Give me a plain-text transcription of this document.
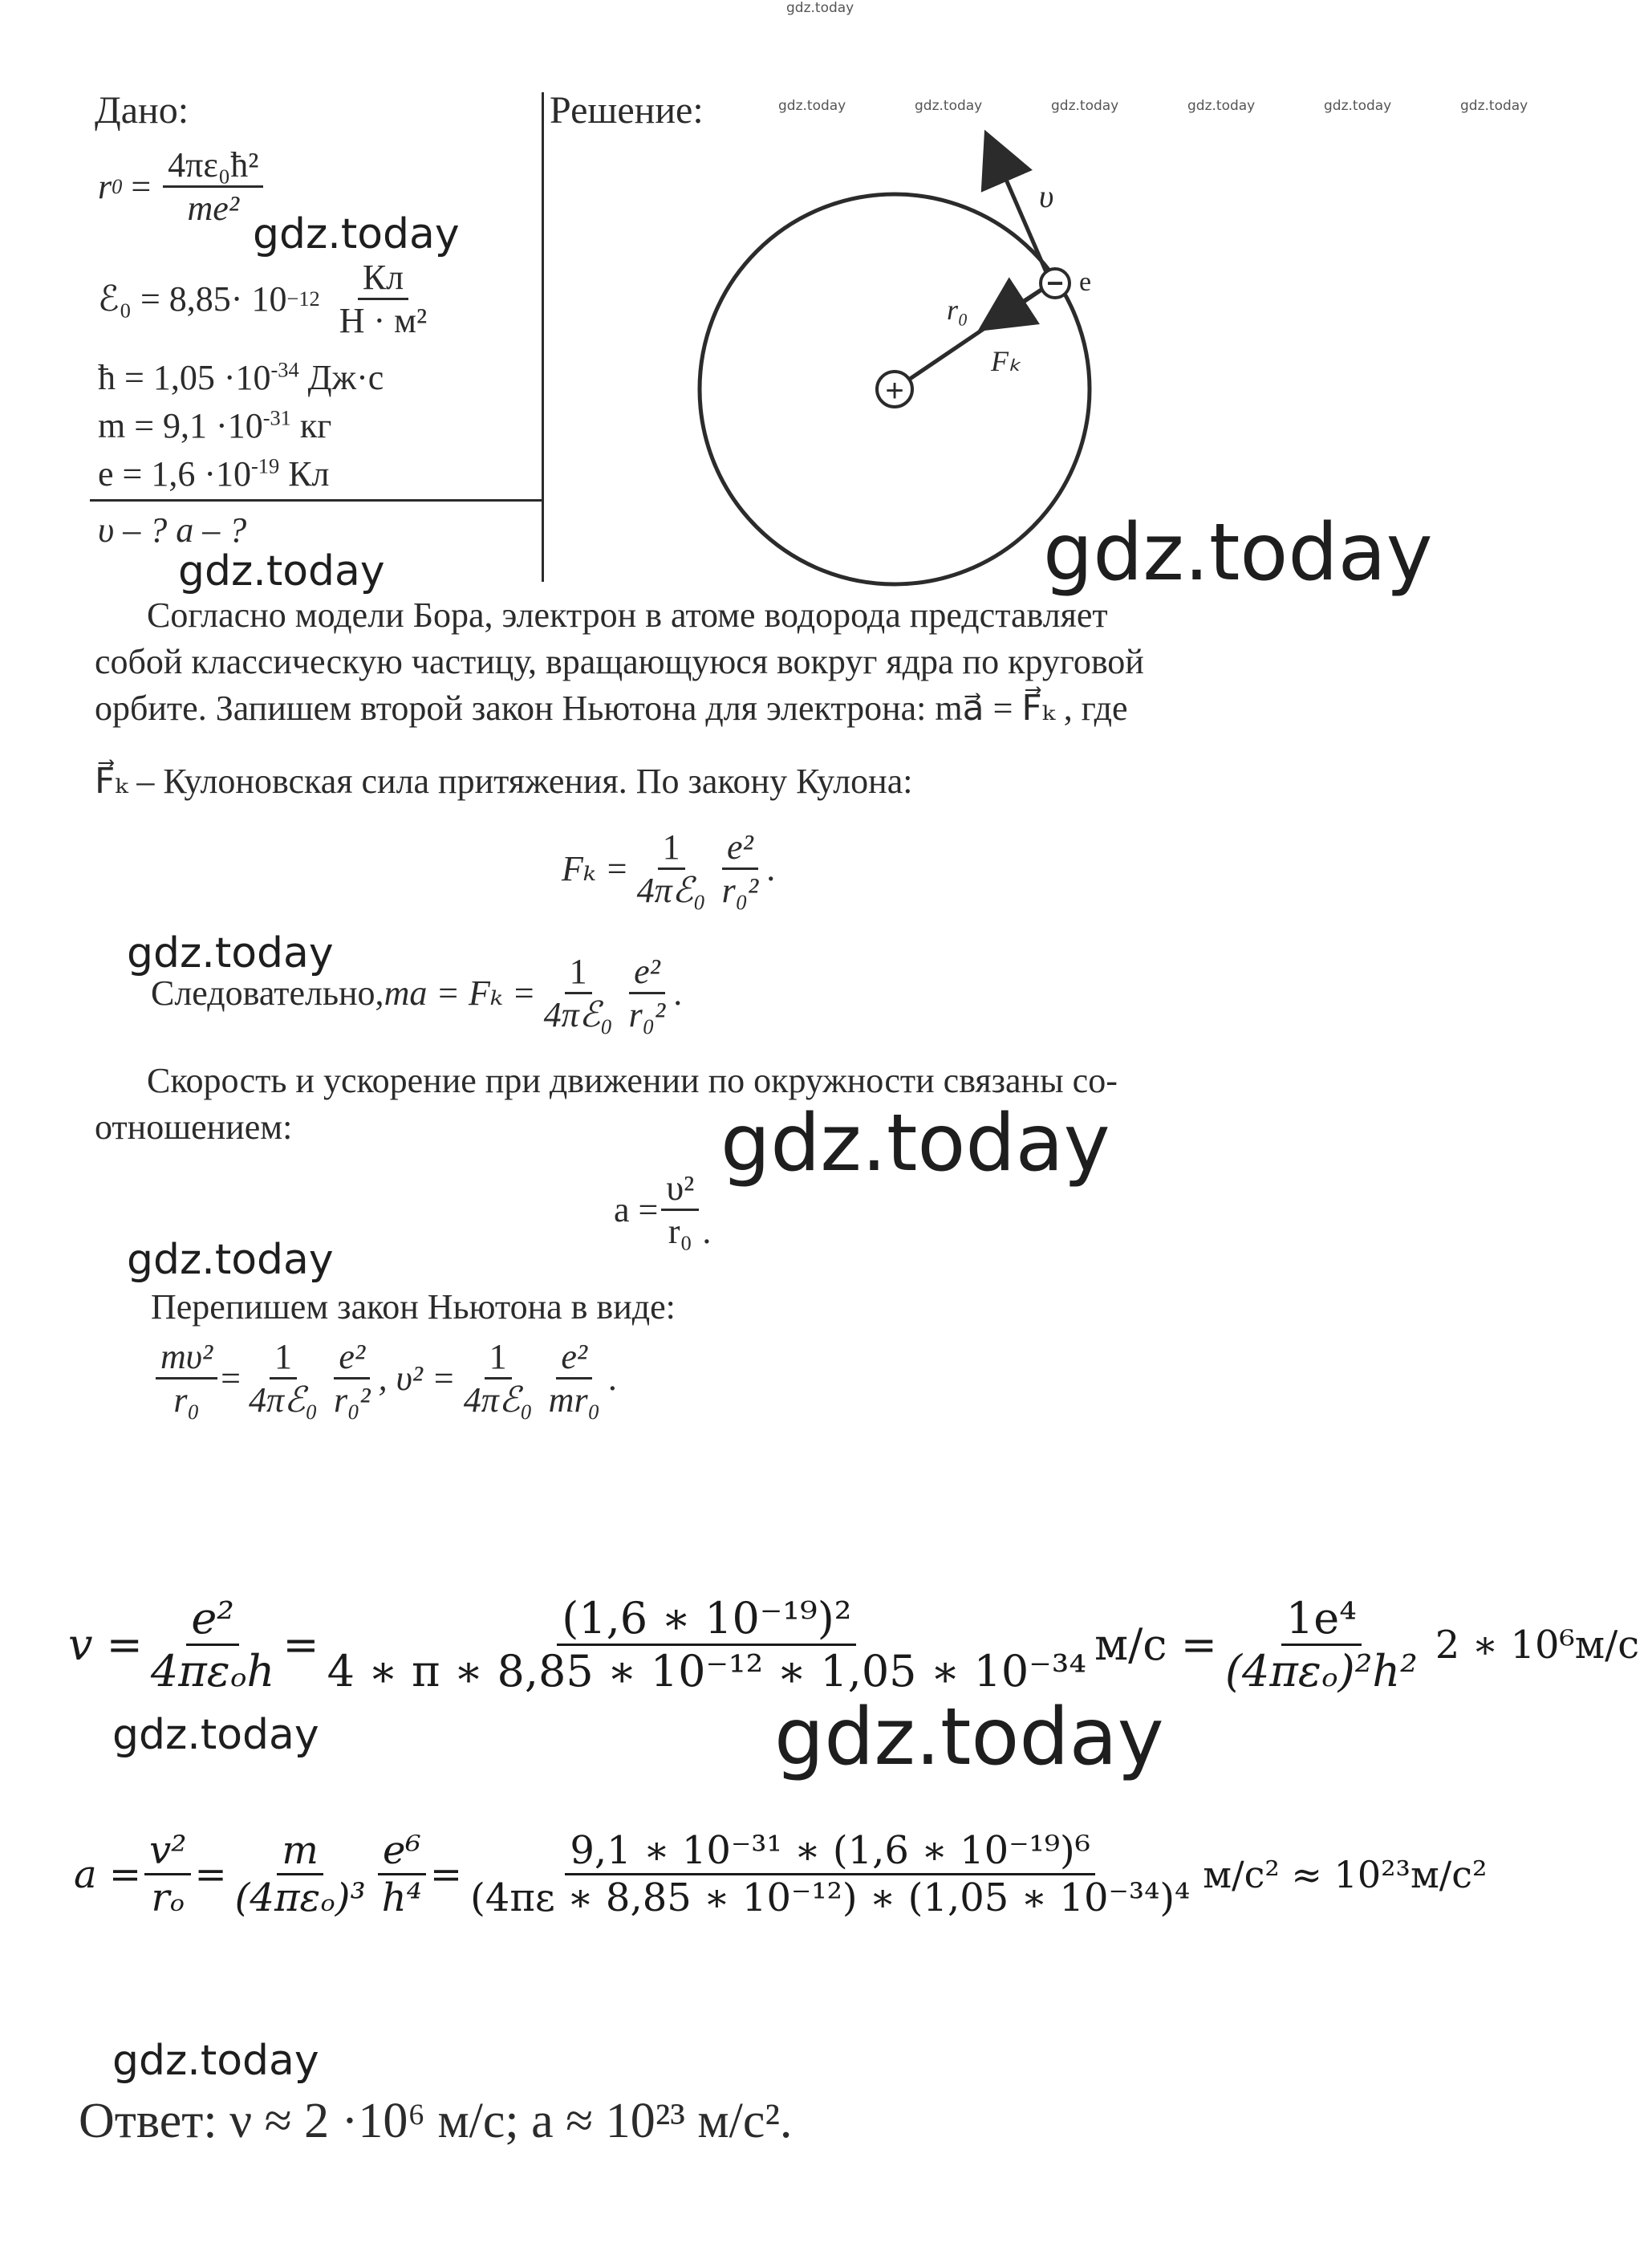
gdz.today
gdz.today	gdz.today	gdz.today	gdz.today	gdz.today	gdz.today
Дано:
r $0 = \frac{\text{4πε₀ħ²}}{\text{me²}}$
ℰ₀ = $8,85\cdot 10 -12 \frac{Кл}{\text{Н · м²}}$
ħ = $1,05 \cdot 10^{-34}$ Дж·с
$m = 9,1 \cdot 10^{-31}$ кг
$e = 1,6 \cdot 10^{-19}$ Кл
υ – ? a – ?
gdz.today
gdz.today
Решение:
+
− e
υ
r₀
Fₖ
gdz.today
Согласно модели Бора, электрон в атоме водорода представляет
собой классическую частицу, вращающуюся вокруг ядра по круговой
орбите. Запишем второй закон Ньютона для электрона: ma⃗ = F⃗ₖ , где
F⃗ₖ – Кулоновская сила притяжения. По закону Кулона:
$F_k = \frac{1}{\text{4πℰ₀}} \frac{\text{e²}}{\text{r₀²}}$ .
gdz.today
Следовательно, ma = $F_k = \frac{1}{\text{4πℰ₀}} \frac{\text{e²}}{\text{r₀²}}$ .
Скорость и ускорение при движении по окружности связаны со-
отношением:	gdz.today
$a = \frac{\text{υ²}}{\text{r₀}}$ .
gdz.today
Перепишем закон Ньютона в виде:
$\frac{\text{mυ²}}{\text{r₀}} = \frac{1}{\text{4πℰ₀}} \frac{\text{e²}}{\text{r₀²}}$ , $\upsilon^2 = \frac{1}{\text{4πℰ₀}} \frac{\text{e²}}{\text{mr₀}}$ .
$v = \frac{\text{e²}}{\text{4πεₒh}} = \frac{\text{(1,6 ∗ 10⁻¹⁹)²}}{\text{4 ∗ π ∗ 8,85 ∗ 10⁻¹² ∗ 1,05 ∗ 10⁻³⁴}} м/с = \frac{\text{1e⁴}}{\text{(4πεₒ)²h²}} 2$ ∗ 10⁶м/с
gdz.today	gdz.today
$a = \frac{\text{v²}}{\text{rₒ}} = \frac{m}{\text{(4πεₒ)³}} \frac{\text{e⁶}}{\text{h⁴}} = \frac{\text{9,1 ∗ 10⁻³¹ ∗ (1,6 ∗ 10⁻¹⁹)⁶}}{\text{(4πε ∗ 8,85 ∗ 10⁻¹²) ∗ (1,05 ∗ 10⁻³⁴)⁴}} м/с^2 \approx 10^{23}м/с^2$
gdz.today
Ответ: ν ≈ 2 ·10⁶ м/с; a ≈ 10²³ м/с².
